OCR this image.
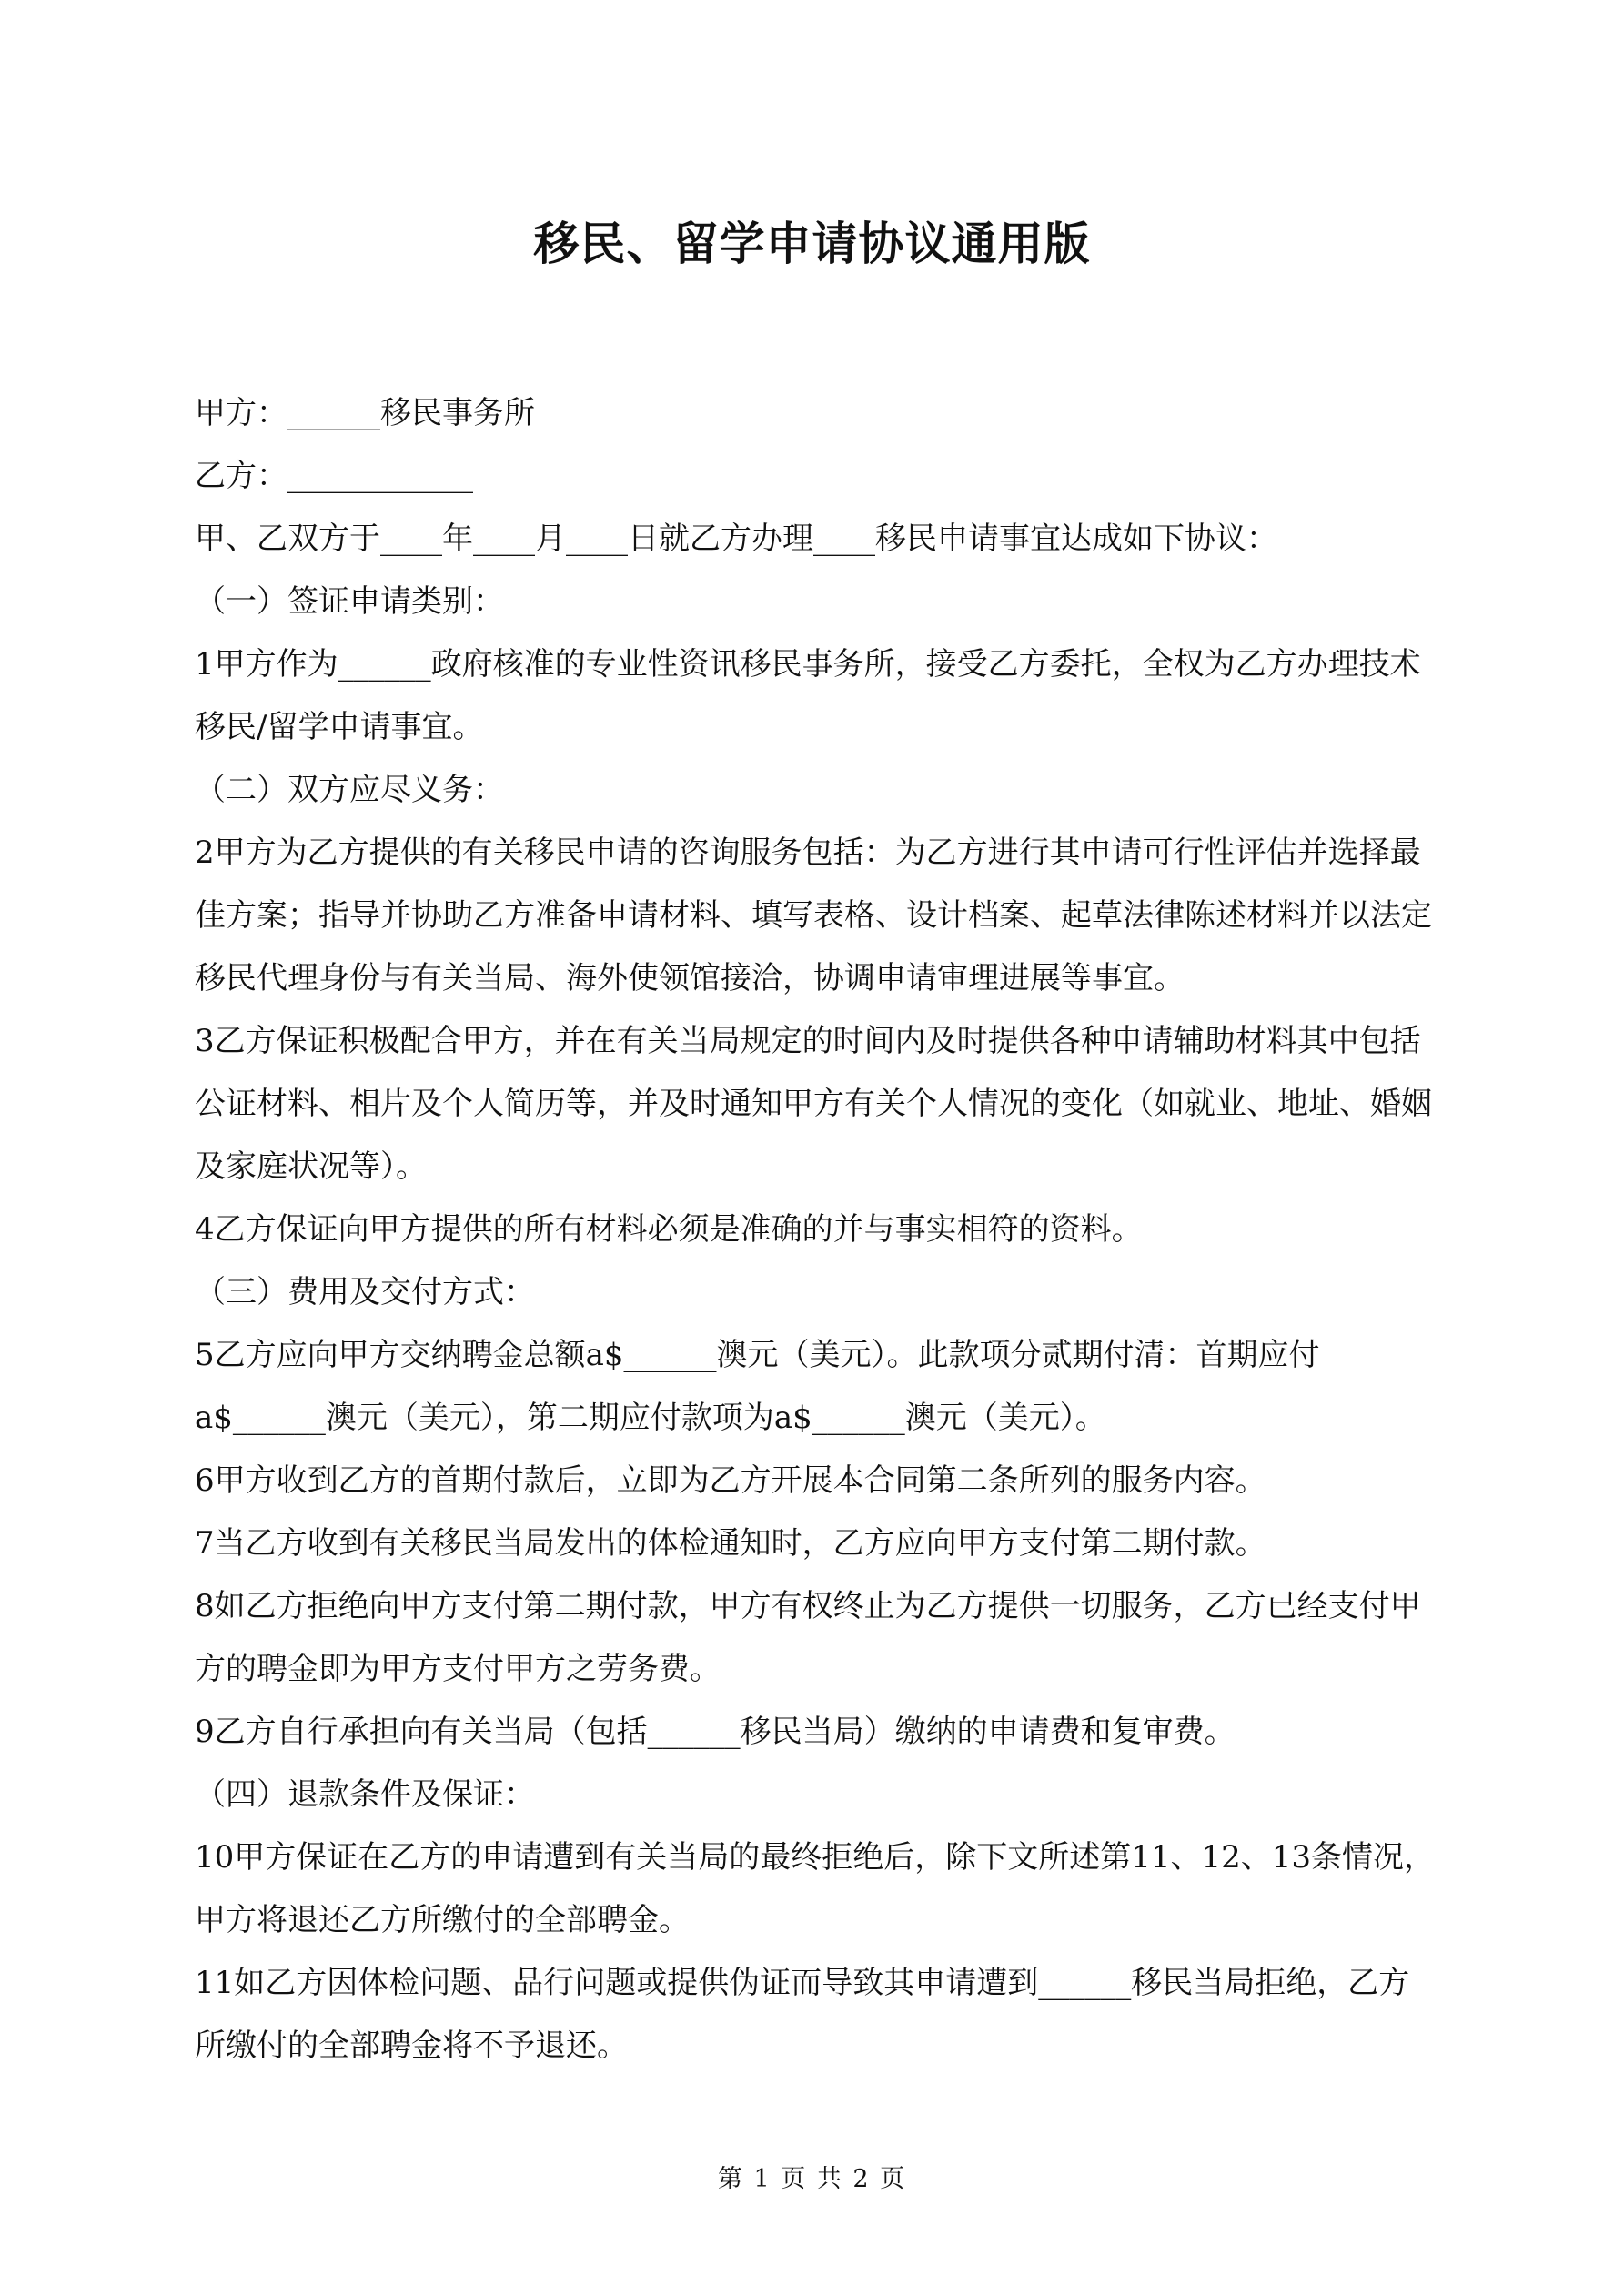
移民、留学申请协议通用版

甲方：______移民事务所

乙方：____________

甲、乙双方于____年____月____日就乙方办理____移民申请事宜达成如下协议：

（一）签证申请类别：

1甲方作为______政府核准的专业性资讯移民事务所，接受乙方委托，全权为乙方办理技术移民/留学申请事宜。

（二）双方应尽义务：

2甲方为乙方提供的有关移民申请的咨询服务包括：为乙方进行其申请可行性评估并选择最佳方案；指导并协助乙方准备申请材料、填写表格、设计档案、起草法律陈述材料并以法定移民代理身份与有关当局、海外使领馆接洽，协调申请审理进展等事宜。

3乙方保证积极配合甲方，并在有关当局规定的时间内及时提供各种申请辅助材料其中包括公证材料、相片及个人简历等，并及时通知甲方有关个人情况的变化（如就业、地址、婚姻及家庭状况等）。

4乙方保证向甲方提供的所有材料必须是准确的并与事实相符的资料。

（三）费用及交付方式：

5乙方应向甲方交纳聘金总额a$______澳元（美元）。此款项分贰期付清：首期应付a$______澳元（美元），第二期应付款项为a$______澳元（美元）。

6甲方收到乙方的首期付款后，立即为乙方开展本合同第二条所列的服务内容。

7当乙方收到有关移民当局发出的体检通知时，乙方应向甲方支付第二期付款。

8如乙方拒绝向甲方支付第二期付款，甲方有权终止为乙方提供一切服务，乙方已经支付甲方的聘金即为甲方支付甲方之劳务费。

9乙方自行承担向有关当局（包括______移民当局）缴纳的申请费和复审费。

（四）退款条件及保证：

10甲方保证在乙方的申请遭到有关当局的最终拒绝后，除下文所述第11、12、13条情况，甲方将退还乙方所缴付的全部聘金。

11如乙方因体检问题、品行问题或提供伪证而导致其申请遭到______移民当局拒绝，乙方所缴付的全部聘金将不予退还。

第 1 页 共 2 页
